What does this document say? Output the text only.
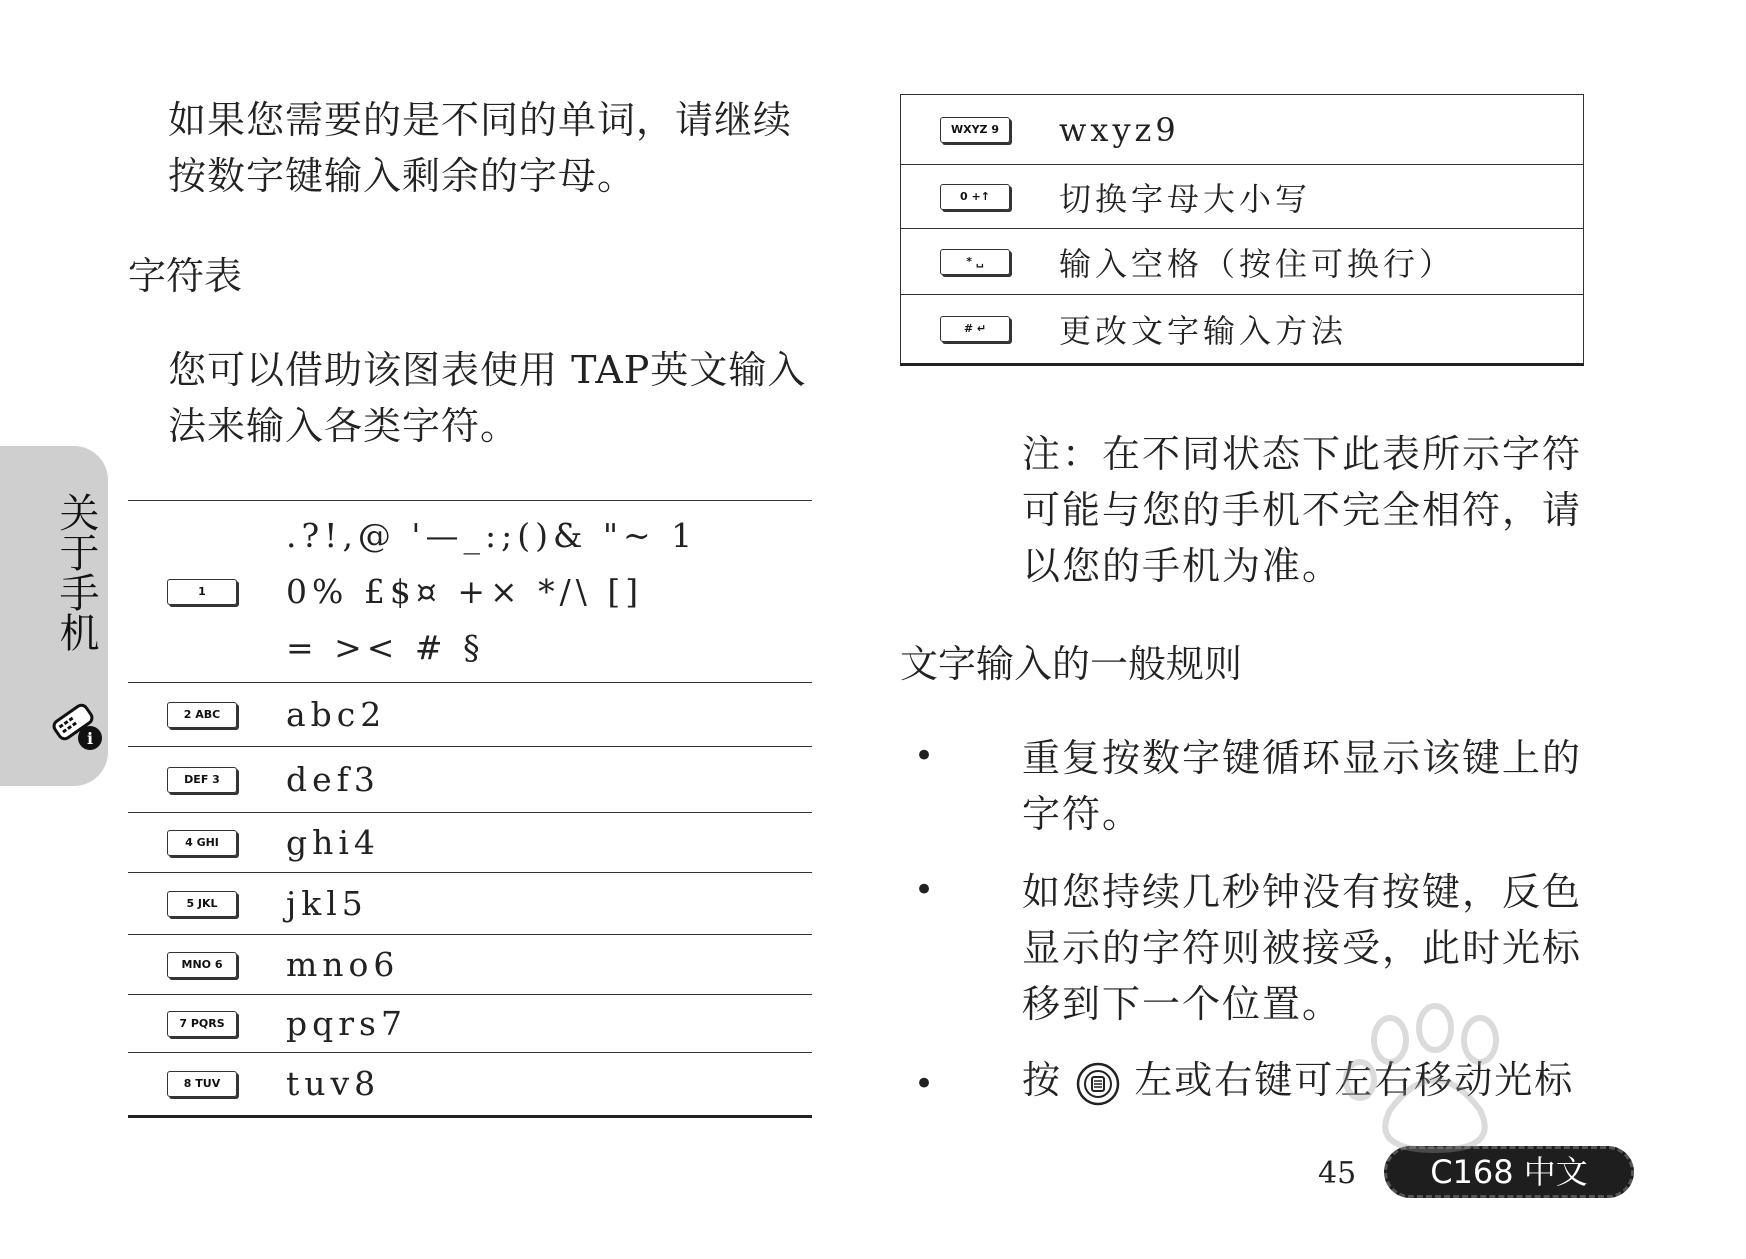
如果您需要的是不同的单词，请继续
按数字键输入剩余的字母。
字符表
您可以借助该图表使用 TAP英文输入
法来输入各类字符。
关于手机
i
1	.?!,@ '—_:;()& "~ 1
0% £$¤ +× */\ []
= >< # §

2 ABC	abc2

DEF 3	def3

4 GHI	ghi4

5 JKL	jkl5

MNO 6	mno6

7 PQRS	pqrs7

8 TUV	tuv8
WXYZ 9	wxyz9
0 +↑	切换字母大小写
* ␣	输入空格（按住可换行）
# ↵	更改文字输入方法
注：在不同状态下此表所示字符
可能与您的手机不完全相符，请
以您的手机为准。
文字输入的一般规则
• 重复按数字键循环显示该键上的
字符。
• 如您持续几秒钟没有按键，反色
显示的字符则被接受，此时光标
移到下一个位置。
• 按 左或右键可左右移动光标
45	C168 中文
